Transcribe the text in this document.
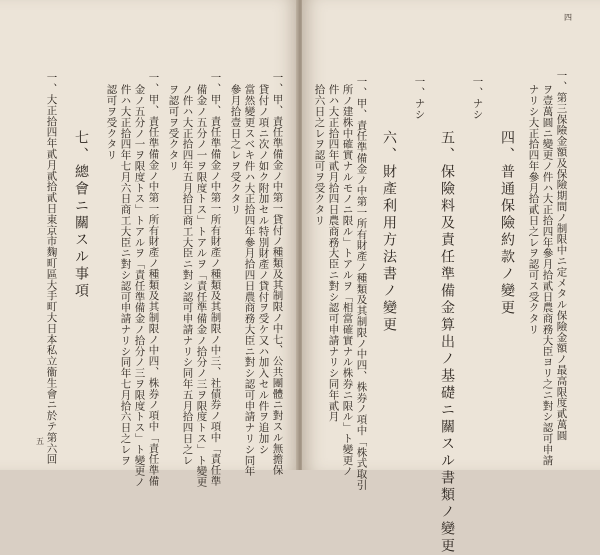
五	一、甲、責任準備金ノ中第一貸付ノ種類及其制限ノ中七、公共團體ニ對スル無擔保
貸付ノ項ニ次ノ如ク附加セル特別財產ノ貸付ヲ受ケ又ハ加入セル件ヲ追加シ
當然變更スベキ件ハ大正拾四年參月拾四日農商務大臣ニ對シ認可申請ナリシ同年
參月拾壹日之レヲ受クタリ
一、甲、責任準備金ノ中第一所有財產ノ種類及其制限ノ中三、社債券ノ項中「責任準
備金ノ五分ノ一ヲ限度トス」トアルヲ「責任準備金ノ拾分ノ三ヲ限度トス」ト變更
ノ件ハ大正拾四年五月拾日商工大臣ニ對シ認可申請ナリシ同年五月拾四日之レ
ヲ認可ヲ受クタリ
一、甲、責任準備金ノ中第一所有財產ノ種類及其制限ノ中四、株券ノ項中「責任準備
金ノ五分ノ一ヲ限度トス」トアルヲ「責任準備金ノ拾分ノ三ヲ限度トス」ト變更ノ
件ハ大正拾四年七月六日商工大臣ニ對シ認可申請ナリシ同年七月拾六日之レヲ
認可ヲ受クタリ
七、總會ニ關スル事項
一、大正拾四年貳月貳拾貳日東京市麴町區大手町大日本私立衞生會ニ於テ第六回
四
一、第三保險金額及保險期間ノ制限中ニ定メタル保險金額ノ最高限度貳萬圓
ヲ壹萬圓ニ變更ノ件ハ大正拾四年參月拾貳日農商務大臣ヨリ之ニ對シ認可申請
ナリシ大正拾四年參月拾貳日之レヲ認可ス受クタリ
四、普通保險約款ノ變更
一、ナシ
五、保險料及責任準備金算出ノ基礎ニ關スル書類ノ變更
一、ナシ
六、財產利用方法書ノ變更
一、甲、責任準備金ノ中第一所有財產ノ種類及其制限ノ中四、株券ノ項中「株式取引
所ノ建株中確實ナルモノニ限ル」トアルヲ「相當確實ナル株券ニ限ル」ト變更ノ
件ハ大正拾四年貳月拾四日農商務大臣ニ對シ認可申請ナリシ同年貳月
拾六日之レヲ認可ヲ受クタリ
